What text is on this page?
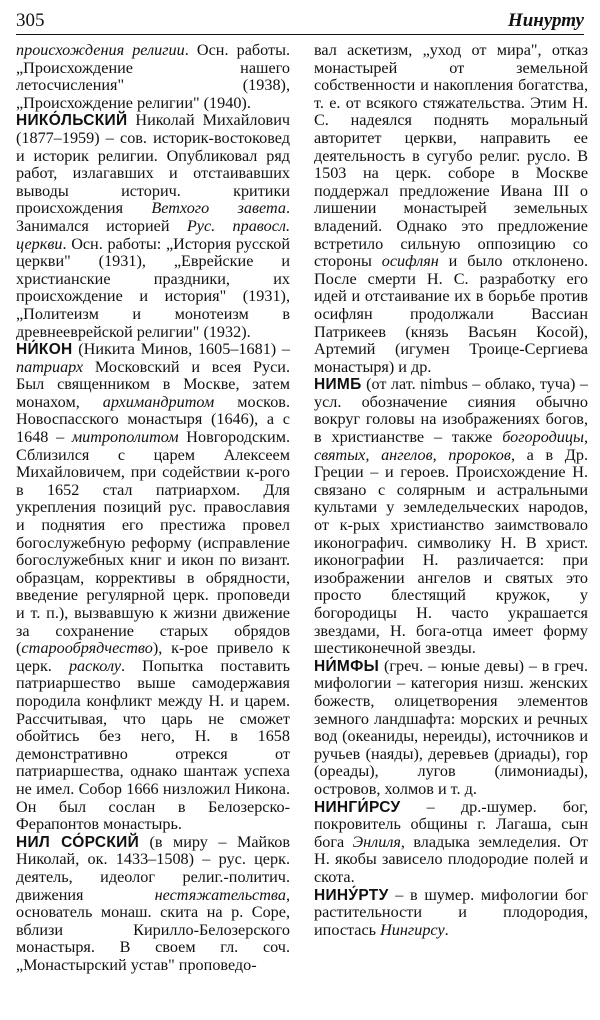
305	Нинурту

происхождения религии. Осн. работы. „Происхождение нашего летосчисления" (1938), „Происхождение религии" (1940).

НИКО́ЛЬСКИЙ Николай Михайлович (1877–1959) – сов. историк-востоковед и историк религии. Опубликовал ряд работ, излагавших и отстаивавших выводы историч. критики происхождения Ветхого завета. Занимался историей Рус. правосл. церкви. Осн. работы: „История русской церкви" (1931), „Еврейские и христианские праздники, их происхождение и история" (1931), „Политеизм и монотеизм в древнееврейской религии" (1932).

НИ́КОН (Никита Минов, 1605–1681) – патриарх Московский и всея Руси. Был священником в Москве, затем монахом, архимандритом москов. Новоспасского монастыря (1646), а с 1648 – митрополитом Новгородским. Сблизился с царем Алексеем Михайловичем, при содействии к-рого в 1652 стал патриархом. Для укрепления позиций рус. православия и поднятия его престижа провел богослужебную реформу (исправление богослужебных книг и икон по визант. образцам, коррективы в обрядности, введение регулярной церк. проповеди и т. п.), вызвавшую к жизни движение за сохранение старых обрядов (старообрядчество), к-рое привело к церк. расколу. Попытка поставить патриаршество выше самодержавия породила конфликт между Н. и царем. Рассчитывая, что царь не сможет обойтись без него, Н. в 1658 демонстративно отрекся от патриаршества, однако шантаж успеха не имел. Собор 1666 низложил Никона. Он был сослан в Белозерско-Ферапонтов монастырь.

НИЛ СО́РСКИЙ (в миру – Майков Николай, ок. 1433–1508) – рус. церк. деятель, идеолог религ.-политич. движения нестяжательства, основатель монаш. скита на р. Соре, вблизи Кирилло-Белозерского монастыря. В своем гл. соч. „Монастырский устав" проповедо-

вал аскетизм, „уход от мира", отказ монастырей от земельной собственности и накопления богатства, т. е. от всякого стяжательства. Этим Н. С. надеялся поднять моральный авторитет церкви, направить ее деятельность в сугубо религ. русло. В 1503 на церк. соборе в Москве поддержал предложение Ивана III о лишении монастырей земельных владений. Однако это предложение встретило сильную оппозицию со стороны осифлян и было отклонено. После смерти Н. С. разработку его идей и отстаивание их в борьбе против осифлян продолжали Вассиан Патрикеев (князь Васьян Косой), Артемий (игумен Троице-Сергиева монастыря) и др.

НИМБ (от лат. nimbus – облако, туча) – усл. обозначение сияния обычно вокруг головы на изображениях богов, в христианстве – также богородицы, святых, ангелов, пророков, а в Др. Греции – и героев. Происхождение Н. связано с солярным и астральными культами у земледельческих народов, от к-рых христианство заимствовало иконографич. символику Н. В христ. иконографии Н. различается: при изображении ангелов и святых это просто блестящий кружок, у богородицы Н. часто украшается звездами, Н. бога-отца имеет форму шестиконечной звезды.

НИ́МФЫ (греч. – юные девы) – в греч. мифологии – категория низш. женских божеств, олицетворения элементов земного ландшафта: морских и речных вод (океаниды, нереиды), источников и ручьев (наяды), деревьев (дриады), гор (ореады), лугов (лимониады), островов, холмов и т. д.

НИНГИ́РСУ – др.-шумер. бог, покровитель общины г. Лагаша, сын бога Энлиля, владыка земледелия. От Н. якобы зависело плодородие полей и скота.

НИНУ́РТУ – в шумер. мифологии бог растительности и плодородия, ипостась Нингирсу.
